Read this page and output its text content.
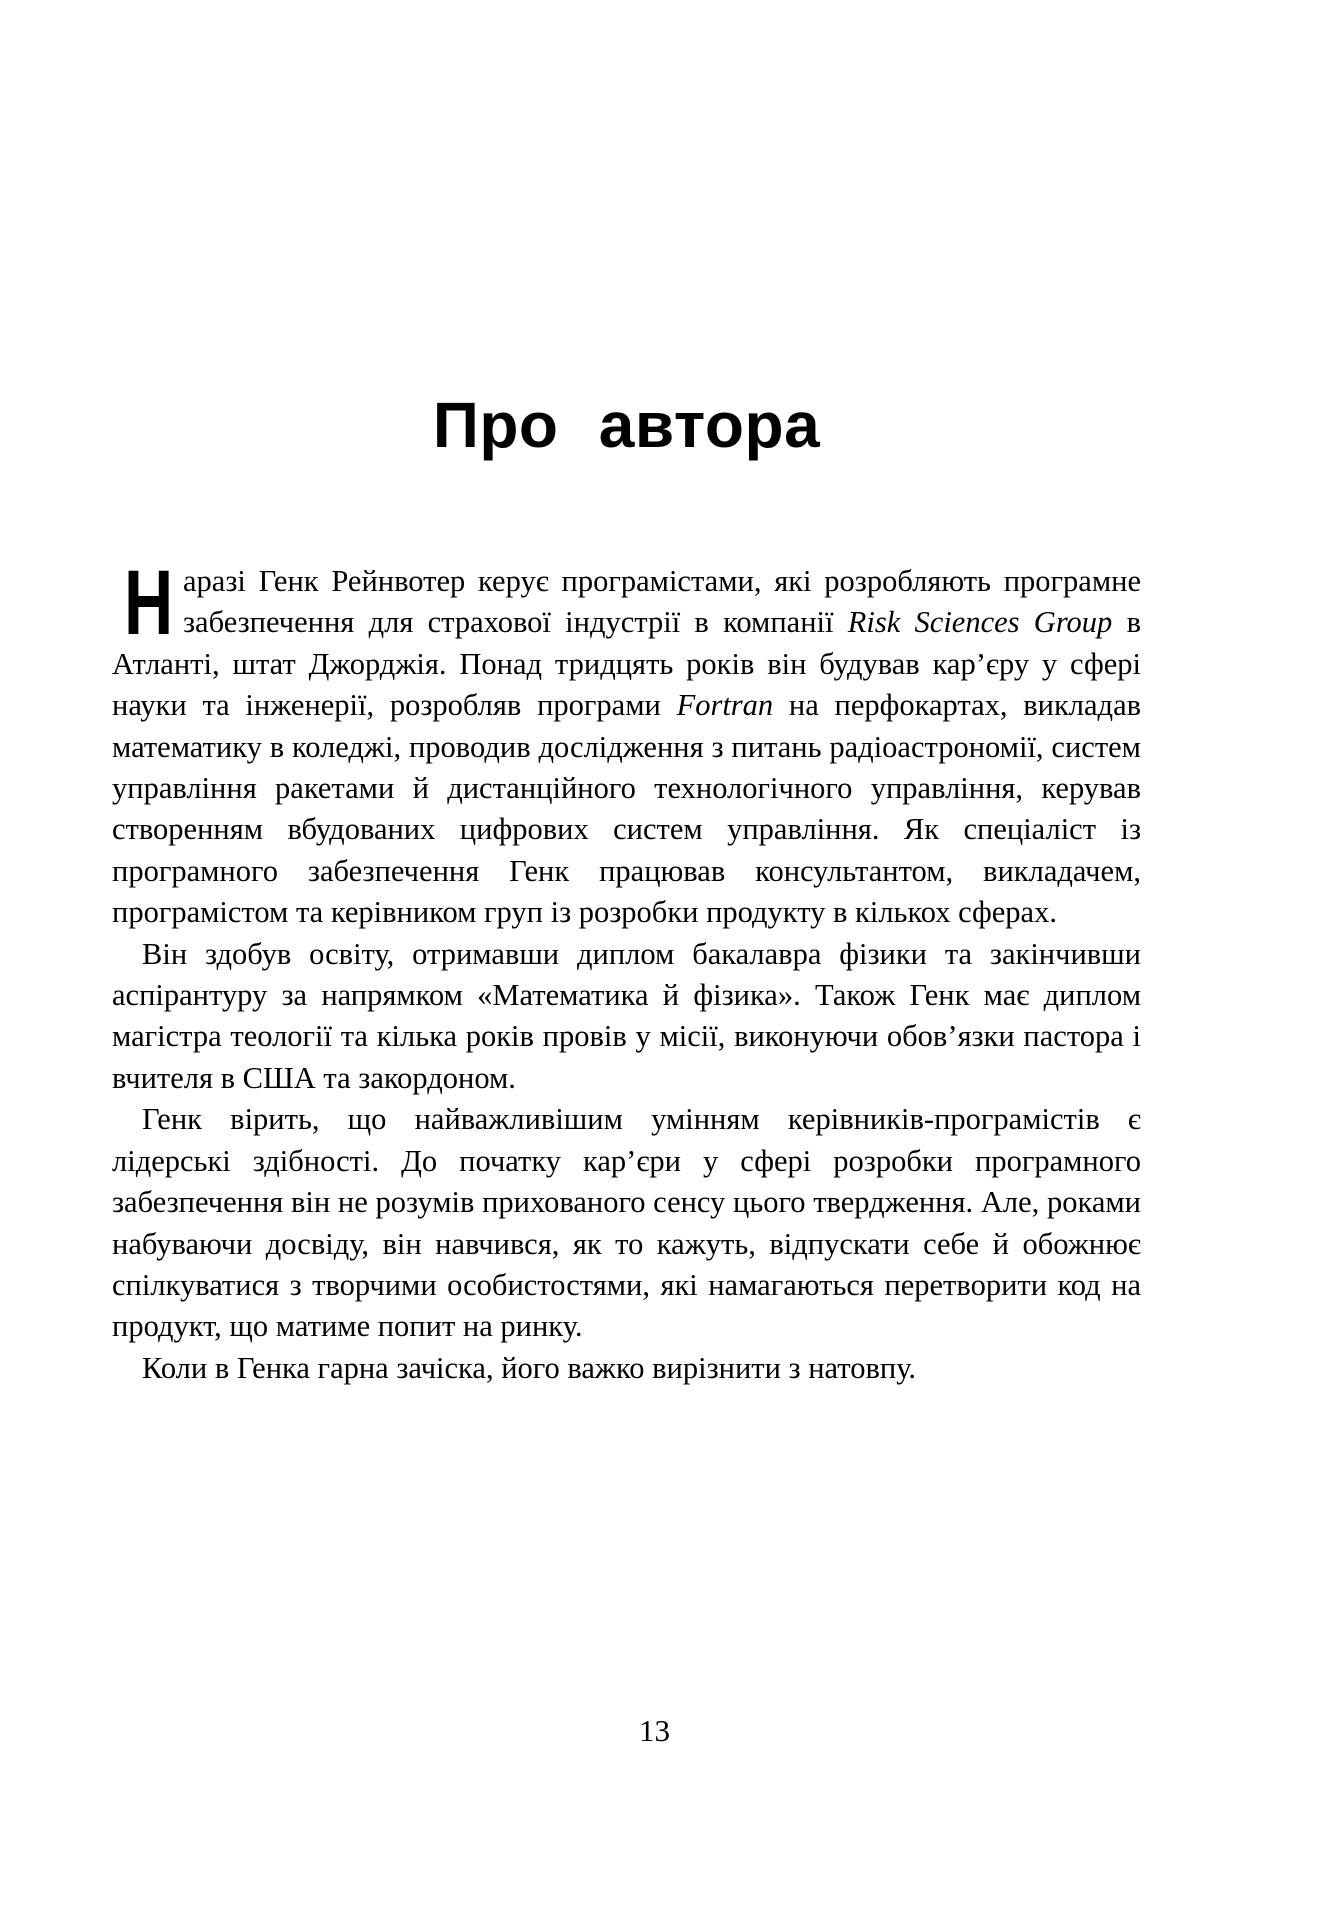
Про автора

Наразі Генк Рейнвотер керує програмістами, які розробляють програмне забезпечення для страхової індустрії в компанії Risk Sciences Group в Атланті, штат Джорджія. Понад тридцять років він будував кар’єру у сфері науки та інженерії, розробляв програми Fortran на перфокартах, викладав математику в коледжі, проводив дослідження з питань радіоастрономії, систем управління ракетами й дистанційного технологічного управління, керував створенням вбудованих цифрових систем управління. Як спеціаліст із програмного забезпечення Генк працював консультантом, викладачем, програмістом та керівником груп із розробки продукту в кількох сферах.

Він здобув освіту, отримавши диплом бакалавра фізики та закінчивши аспірантуру за напрямком «Математика й фізика». Також Генк має диплом магістра теології та кілька років провів у місії, виконуючи обов’язки пастора і вчителя в США та закордоном.

Генк вірить, що найважливішим умінням керівників-програмістів є лідерські здібності. До початку кар’єри у сфері розробки програмного забезпечення він не розумів прихованого сенсу цього твердження. Але, роками набуваючи досвіду, він навчився, як то кажуть, відпускати себе й обожнює спілкуватися з творчими особистостями, які намагаються перетворити код на продукт, що матиме попит на ринку.

Коли в Генка гарна зачіска, його важко вирізнити з натовпу.

13
